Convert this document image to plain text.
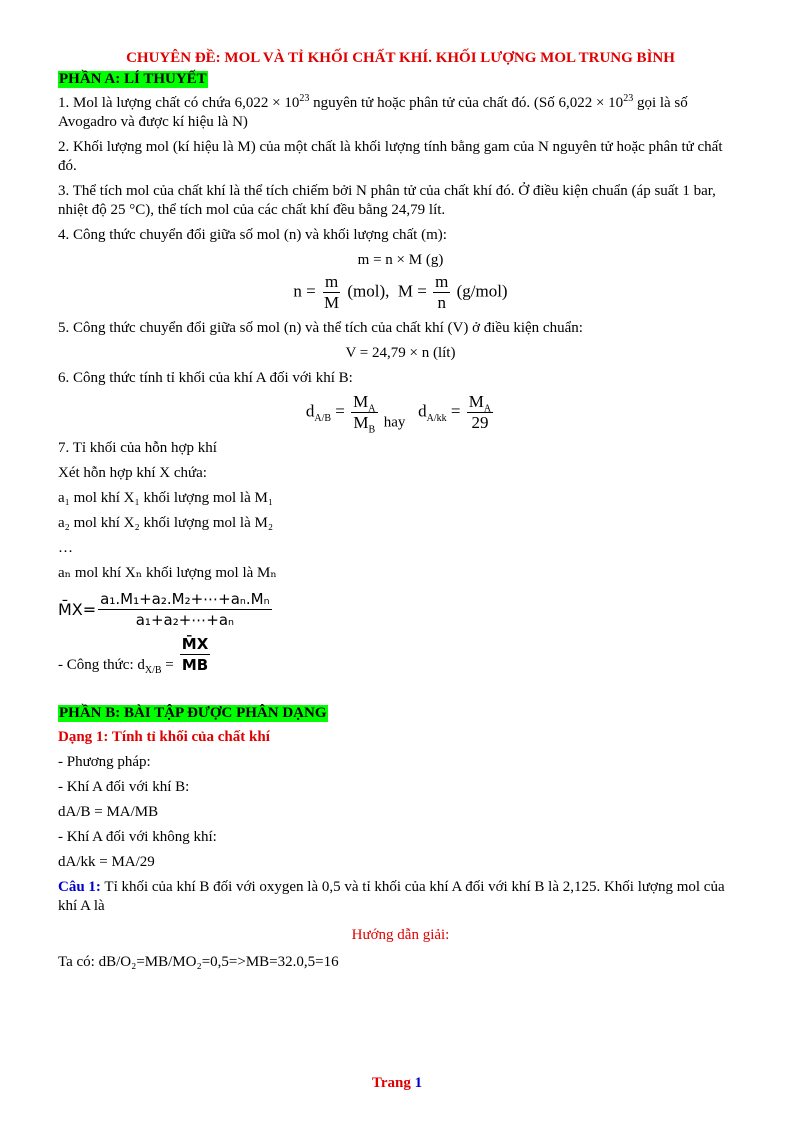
CHUYÊN ĐỀ: MOL VÀ TỈ KHỐI CHẤT KHÍ. KHỐI LƯỢNG MOL TRUNG BÌNH
PHẦN A: LÍ THUYẾT

1. Mol là lượng chất có chứa $6,022 \times 10^{23}$ nguyên tử hoặc phân tử của chất đó. (Số $6,022 \times 10^{23}$ gọi là số Avogadro và được kí hiệu là N)

2. Khối lượng mol (kí hiệu là M) của một chất là khối lượng tính bằng gam của N nguyên tử hoặc phân tử chất đó.

3. Thể tích mol của chất khí là thể tích chiếm bởi N phân tử của chất khí đó. Ở điều kiện chuẩn (áp suất 1 bar, nhiệt độ 25 °C), thể tích mol của các chất khí đều bằng 24,79 lít.

4. Công thức chuyển đổi giữa số mol (n) và khối lượng chất (m):

m = n × M (g)

$n = \frac{m}{M} (mol)$, $M = \frac{m}{n} (g/mol)$

5. Công thức chuyển đổi giữa số mol (n) và thể tích của chất khí (V) ở điều kiện chuẩn:

V = 24,79 × n (lít)

6. Công thức tính tỉ khối của khí A đối với khí B:

$d_{A/B} = \frac{M_A}{M_B}$ hay   $d_{A/kk} = \frac{M_A}{29}$

7. Tỉ khối của hỗn hợp khí

Xét hỗn hợp khí X chứa:

a₁ mol khí X₁ khối lượng mol là M₁

a₂ mol khí X₂ khối lượng mol là M₂

…

aₙ mol khí Xₙ khối lượng mol là Mₙ

M̄X= $\frac{\text{a₁.M₁+a₂.M₂+⋯+aₙ.Mₙ}}{\text{a₁+a₂+⋯+aₙ}}$
- Công thức: $d_{X/B} = \frac{M̄X}{MB}$
PHẦN B: BÀI TẬP ĐƯỢC PHÂN DẠNG

Dạng 1: Tính tỉ khối của chất khí

- Phương pháp:

- Khí A đối với khí B:

dA/B = MA/MB

- Khí A đối với không khí:

dA/kk = MA/29

Câu 1: Tỉ khối của khí B đối với oxygen là 0,5 và tỉ khối của khí A đối với khí B là 2,125. Khối lượng mol của khí A là

Hướng dẫn giải:

Ta có: dB/O₂=MB/MO₂=0,5=>MB=32.0,5=16

Trang 1
